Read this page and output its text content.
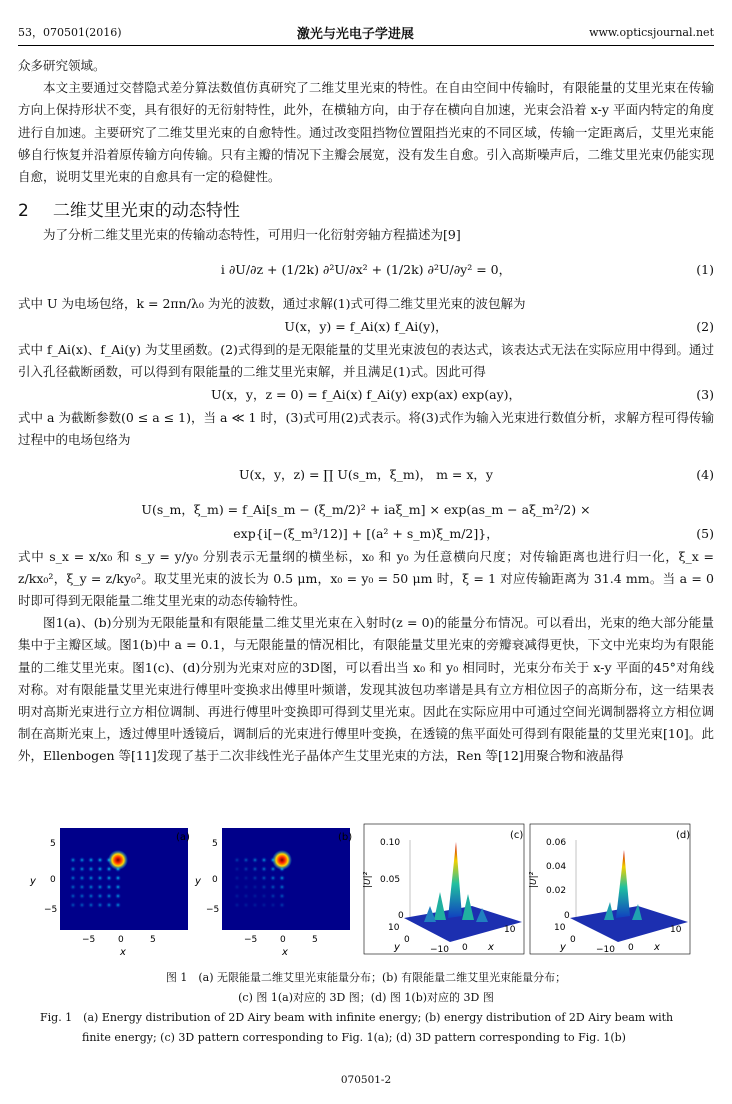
53，070501(2016)	激光与光电子学进展	www.opticsjournal.net

众多研究领域。

本文主要通过交替隐式差分算法数值仿真研究了二维艾里光束的特性。在自由空间中传输时，有限能量的艾里光束在传输方向上保持形状不变，具有很好的无衍射特性，此外，在横轴方向，由于存在横向自加速，光束会沿着 x-y 平面内特定的角度进行自加速。主要研究了二维艾里光束的自愈特性。通过改变阻挡物位置阻挡光束的不同区域，传输一定距离后，艾里光束能够自行恢复并沿着原传输方向传输。只有主瓣的情况下主瓣会展宽，没有发生自愈。引入高斯噪声后，二维艾里光束仍能实现自愈，说明艾里光束的自愈具有一定的稳健性。

2 二维艾里光束的动态特性

为了分析二维艾里光束的传输动态特性，可用归一化衍射旁轴方程描述为[9]

i ∂U/∂z + (1/2k) ∂²U/∂x² + (1/2k) ∂²U/∂y² = 0，	(1)

式中 U 为电场包络，k = 2πn/λ₀ 为光的波数，通过求解(1)式可得二维艾里光束的波包解为

U(x，y) = f_Ai(x) f_Ai(y)，	(2)

式中 f_Ai(x)、f_Ai(y) 为艾里函数。(2)式得到的是无限能量的艾里光束波包的表达式，该表达式无法在实际应用中得到。通过引入孔径截断函数，可以得到有限能量的二维艾里光束解，并且满足(1)式。因此可得

U(x，y，z = 0) = f_Ai(x) f_Ai(y) exp(ax) exp(ay)，	(3)

式中 a 为截断参数(0 ≤ a ≤ 1)，当 a ≪ 1 时，(3)式可用(2)式表示。将(3)式作为输入光束进行数值分析，求解方程可得传输过程中的电场包络为

U(x，y，z) = ∏ U(s_m，ξ_m)， m = x，y	(4)
U(s_m，ξ_m) = f_Ai[s_m − (ξ_m/2)² + iaξ_m] × exp(as_m − aξ_m²/2) ×
exp{i[−(ξ_m³/12)] + [(a² + s_m)ξ_m/2]}，	(5)

式中 s_x = x/x₀ 和 s_y = y/y₀ 分别表示无量纲的横坐标，x₀ 和 y₀ 为任意横向尺度；对传输距离也进行归一化，ξ_x = z/kx₀²，ξ_y = z/ky₀²。取艾里光束的波长为 0.5 μm，x₀ = y₀ = 50 μm 时，ξ = 1 对应传输距离为 31.4 mm。当 a = 0 时即可得到无限能量二维艾里光束的动态传输特性。

图1(a)、(b)分别为无限能量和有限能量二维艾里光束在入射时(z = 0)的能量分布情况。可以看出，光束的绝大部分能量集中于主瓣区域。图1(b)中 a = 0.1，与无限能量的情况相比，有限能量艾里光束的旁瓣衰减得更快，下文中光束均为有限能量的二维艾里光束。图1(c)、(d)分别为光束对应的3D图，可以看出当 x₀ 和 y₀ 相同时，光束分布关于 x-y 平面的45°对角线对称。对有限能量艾里光束进行傅里叶变换求出傅里叶频谱，发现其波包功率谱是具有立方相位因子的高斯分布，这一结果表明对高斯光束进行立方相位调制、再进行傅里叶变换即可得到艾里光束。因此在实际应用中可通过空间光调制器将立方相位调制在高斯光束上，透过傅里叶透镜后，调制后的光束进行傅里叶变换，在透镜的焦平面处可得到有限能量的艾里光束[10]。此外，Ellenbogen 等[11]发现了基于二次非线性光子晶体产生艾里光束的方法，Ren 等[12]用聚合物和液晶得

(a)
5
0
−5
y
−5	0	5
x
(b)
5
0
−5
y
−5	0	5
x
(c)
0.10
0.05
0
|U|²
10
0
−10 0
10
y	x
(d)
0.06
0.04
0.02
0
|U|²
10
0
−10 0
10
y	x
图 1　(a) 无限能量二维艾里光束能量分布；(b) 有限能量二维艾里光束能量分布；
(c) 图 1(a)对应的 3D 图；(d) 图 1(b)对应的 3D 图
Fig. 1　(a) Energy distribution of 2D Airy beam with infinite energy; (b) energy distribution of 2D Airy beam with
finite energy; (c) 3D pattern corresponding to Fig. 1(a); (d) 3D pattern corresponding to Fig. 1(b)
070501-2
